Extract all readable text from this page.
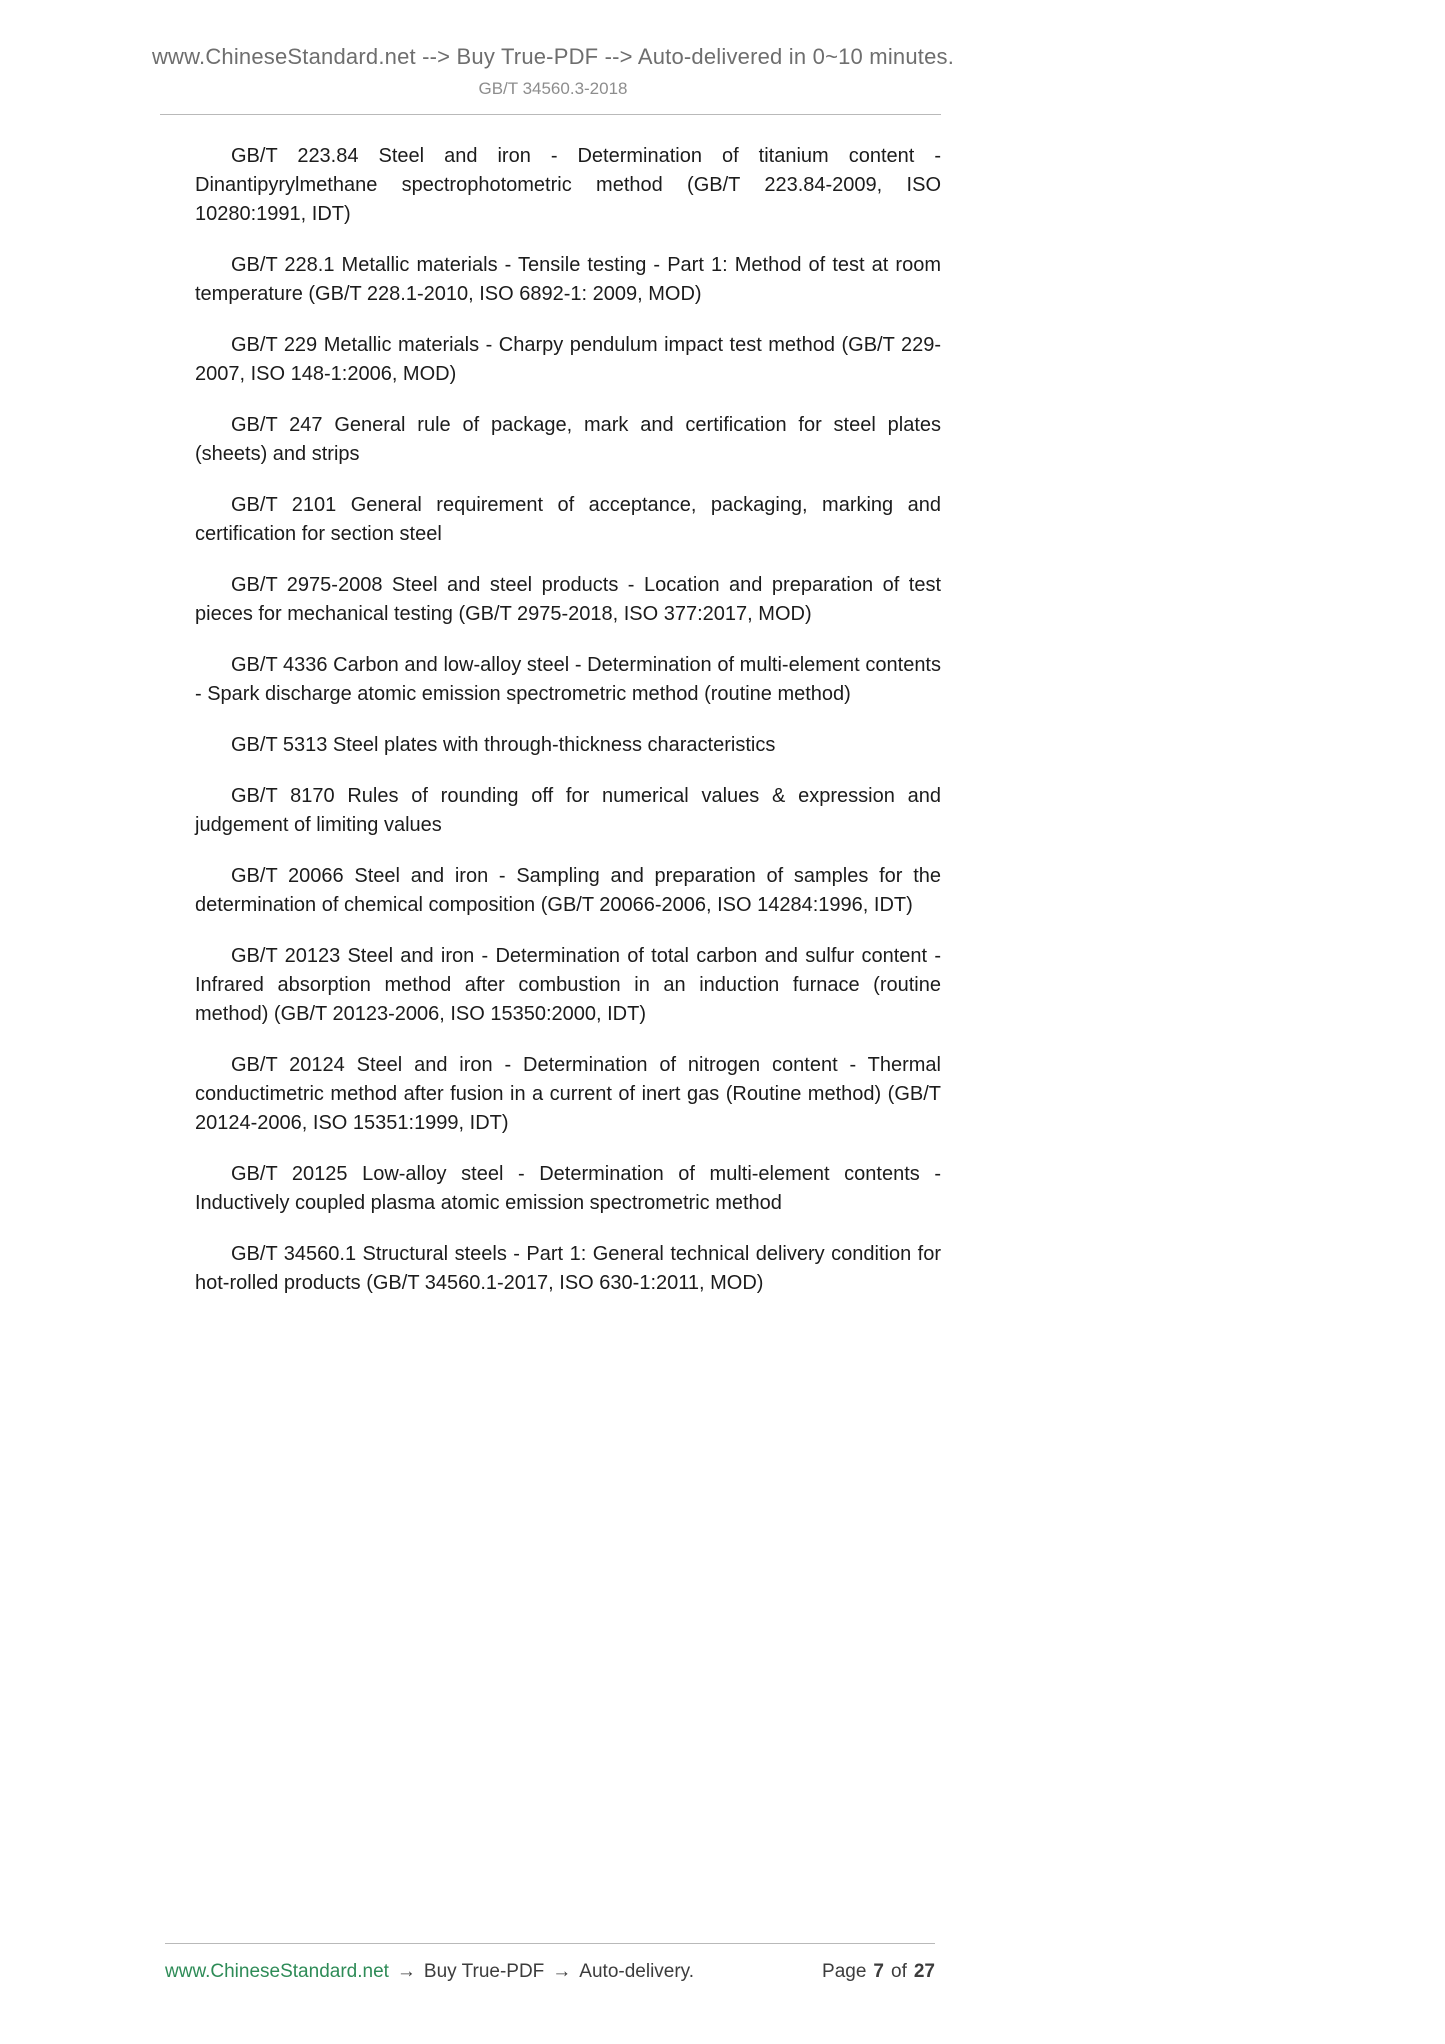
www.ChineseStandard.net --> Buy True-PDF --> Auto-delivered in 0~10 minutes.
GB/T 34560.3-2018

GB/T 223.84 Steel and iron - Determination of titanium content - Dinantipyrylmethane spectrophotometric method (GB/T 223.84-2009, ISO 10280:1991, IDT)

GB/T 228.1 Metallic materials - Tensile testing - Part 1: Method of test at room temperature (GB/T 228.1-2010, ISO 6892-1: 2009, MOD)

GB/T 229 Metallic materials - Charpy pendulum impact test method (GB/T 229-2007, ISO 148-1:2006, MOD)

GB/T 247 General rule of package, mark and certification for steel plates (sheets) and strips

GB/T 2101 General requirement of acceptance, packaging, marking and certification for section steel

GB/T 2975-2008 Steel and steel products - Location and preparation of test pieces for mechanical testing (GB/T 2975-2018, ISO 377:2017, MOD)

GB/T 4336 Carbon and low-alloy steel - Determination of multi-element contents - Spark discharge atomic emission spectrometric method (routine method)

GB/T 5313 Steel plates with through-thickness characteristics

GB/T 8170 Rules of rounding off for numerical values & expression and judgement of limiting values

GB/T 20066 Steel and iron - Sampling and preparation of samples for the determination of chemical composition (GB/T 20066-2006, ISO 14284:1996, IDT)

GB/T 20123 Steel and iron - Determination of total carbon and sulfur content - Infrared absorption method after combustion in an induction furnace (routine method) (GB/T 20123-2006, ISO 15350:2000, IDT)

GB/T 20124 Steel and iron - Determination of nitrogen content - Thermal conductimetric method after fusion in a current of inert gas (Routine method) (GB/T 20124-2006, ISO 15351:1999, IDT)

GB/T 20125 Low-alloy steel - Determination of multi-element contents - Inductively coupled plasma atomic emission spectrometric method

GB/T 34560.1 Structural steels - Part 1: General technical delivery condition for hot-rolled products (GB/T 34560.1-2017, ISO 630-1:2011, MOD)

www.ChineseStandard.net → Buy True-PDF → Auto-delivery.	Page 7 of 27
